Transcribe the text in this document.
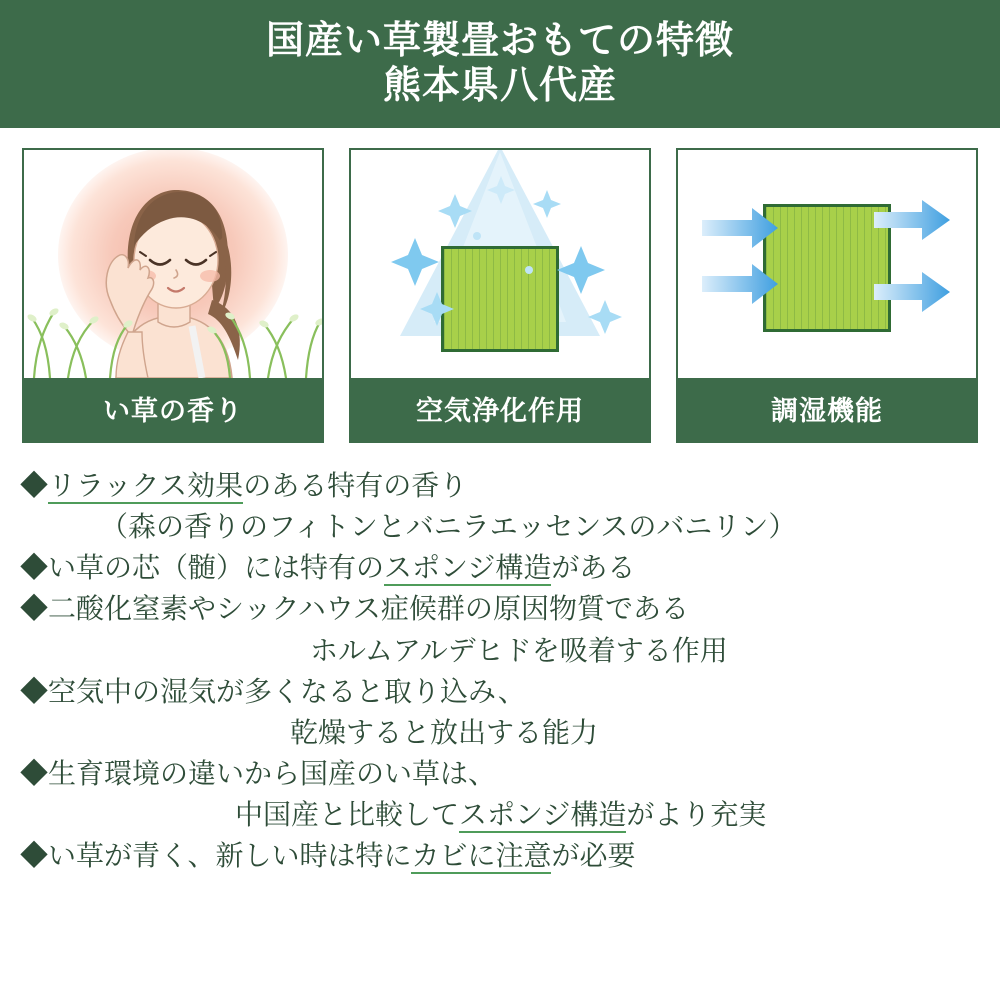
国産い草製畳おもての特徴
熊本県八代産
い草の香り	空気浄化作用	調湿機能
◆リラックス効果のある特有の香り
（森の香りのフィトンとバニラエッセンスのバニリン）
◆い草の芯（髄）には特有のスポンジ構造がある
◆二酸化窒素やシックハウス症候群の原因物質である
ホルムアルデヒドを吸着する作用
◆空気中の湿気が多くなると取り込み、
乾燥すると放出する能力
◆生育環境の違いから国産のい草は、
中国産と比較してスポンジ構造がより充実
◆い草が青く、新しい時は特にカビに注意が必要
